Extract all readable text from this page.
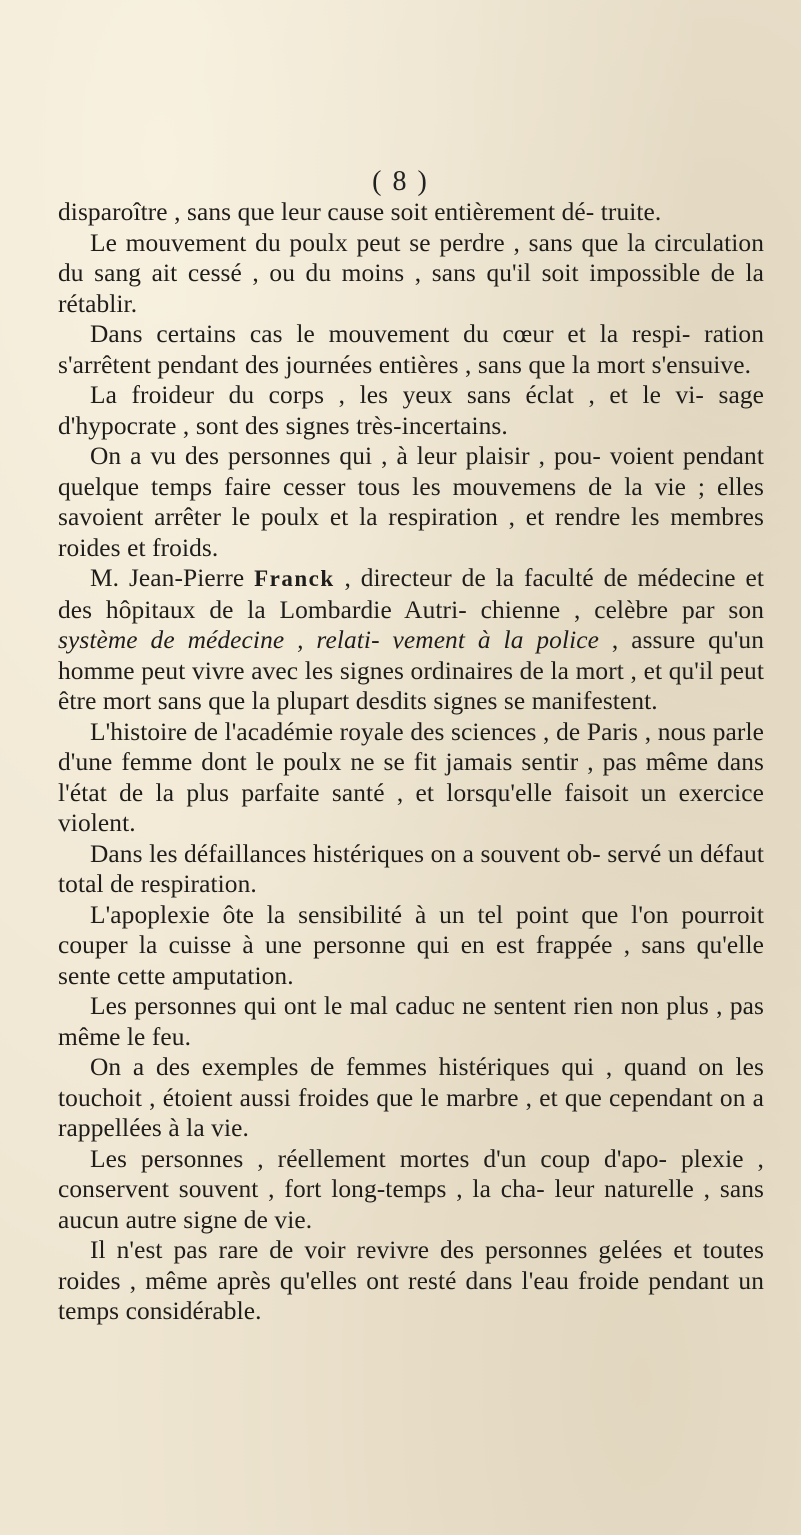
( 8 )

disparoître , sans que leur cause soit entièrement dé- truite.

Le mouvement du poulx peut se perdre , sans que la circulation du sang ait cessé , ou du moins , sans qu'il soit impossible de la rétablir.

Dans certains cas le mouvement du cœur et la respi- ration s'arrêtent pendant des journées entières , sans que la mort s'ensuive.

La froideur du corps , les yeux sans éclat , et le vi- sage d'hypocrate , sont des signes très-incertains.

On a vu des personnes qui , à leur plaisir , pou- voient pendant quelque temps faire cesser tous les mouvemens de la vie ; elles savoient arrêter le poulx et la respiration , et rendre les membres roides et froids.

M. Jean-Pierre Franck , directeur de la faculté de médecine et des hôpitaux de la Lombardie Autri- chienne , celèbre par son système de médecine , relati- vement à la police , assure qu'un homme peut vivre avec les signes ordinaires de la mort , et qu'il peut être mort sans que la plupart desdits signes se manifestent.

L'histoire de l'académie royale des sciences , de Paris , nous parle d'une femme dont le poulx ne se fit jamais sentir , pas même dans l'état de la plus parfaite santé , et lorsqu'elle faisoit un exercice violent.

Dans les défaillances histériques on a souvent ob- servé un défaut total de respiration.

L'apoplexie ôte la sensibilité à un tel point que l'on pourroit couper la cuisse à une personne qui en est frappée , sans qu'elle sente cette amputation.

Les personnes qui ont le mal caduc ne sentent rien non plus , pas même le feu.

On a des exemples de femmes histériques qui , quand on les touchoit , étoient aussi froides que le marbre , et que cependant on a rappellées à la vie.

Les personnes , réellement mortes d'un coup d'apo- plexie , conservent souvent , fort long-temps , la cha- leur naturelle , sans aucun autre signe de vie.

Il n'est pas rare de voir revivre des personnes gelées et toutes roides , même après qu'elles ont resté dans l'eau froide pendant un temps considérable.
